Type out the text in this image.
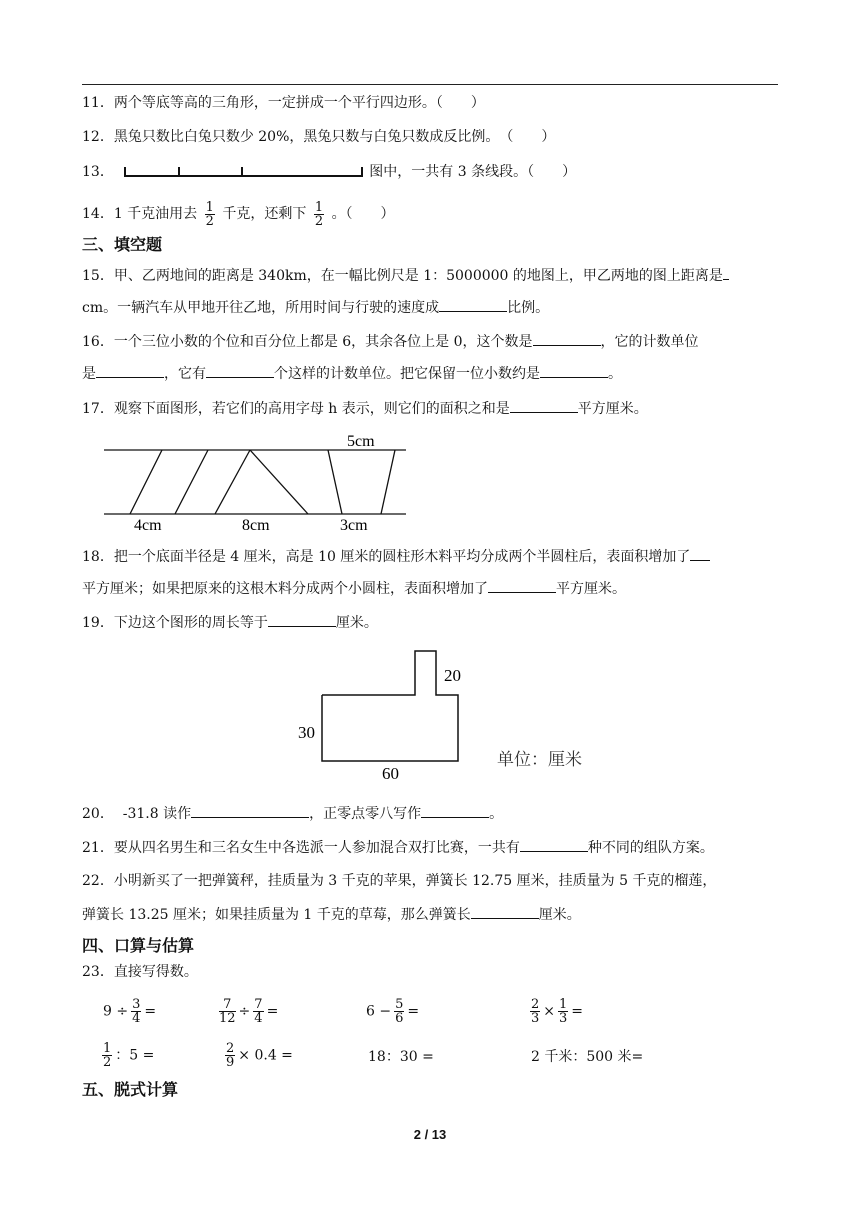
11．两个等底等高的三角形，一定拼成一个平行四边形。（　　）
12．黑兔只数比白兔只数少 20%，黑兔只数与白兔只数成反比例。　（　　）
13．	图中，一共有 3 条线段。（　　）
14．1 千克油用去 $\frac{1}{2}$ 千克，还剩下 $\frac{1}{2}$ 。（　　）
三、填空题
15．甲、乙两地间的距离是 340km，在一幅比例尺是 1：5000000 的地图上，甲乙两地的图上距离是
cm。一辆汽车从甲地开往乙地，所用时间与行驶的速度成	比例。
16．一个三位小数的个位和百分位上都是 6，其余各位上是 0，这个数是	，它的计数单位
是	，它有	个这样的计数单位。把它保留一位小数约是	。
17．观察下面图形，若它们的高用字母 h 表示，则它们的面积之和是	平方厘米。
5cm
4cm	8cm	3cm
18．把一个底面半径是 4 厘米，高是 10 厘米的圆柱形木料平均分成两个半圆柱后，表面积增加了
平方厘米；如果把原来的这根木料分成两个小圆柱，表面积增加了	平方厘米。
19．下边这个图形的周长等于	厘米。
20
30
60
单位：厘米
20． -31.8 读作	，正零点零八写作	。
21．要从四名男生和三名女生中各选派一人参加混合双打比赛，一共有	种不同的组队方案。
22．小明新买了一把弹簧秤，挂质量为 3 千克的苹果，弹簧长 12.75 厘米，挂质量为 5 千克的榴莲，
弹簧长 13.25 厘米；如果挂质量为 1 千克的草莓，那么弹簧长	厘米。
四、口算与估算
23．直接写得数。
$9 \div \frac{3}{4}$ =	$\frac{7}{12} \div \frac{7}{4}$ =	$6 - \frac{5}{6}$ =	$\frac{2}{3} \times \frac{1}{3}$ =
$\frac{1}{2}$ ：5 =	$\frac{2}{9} \times 0.4$ =	18：30 =	2 千米：500 米=
五、脱式计算
2 / 13
